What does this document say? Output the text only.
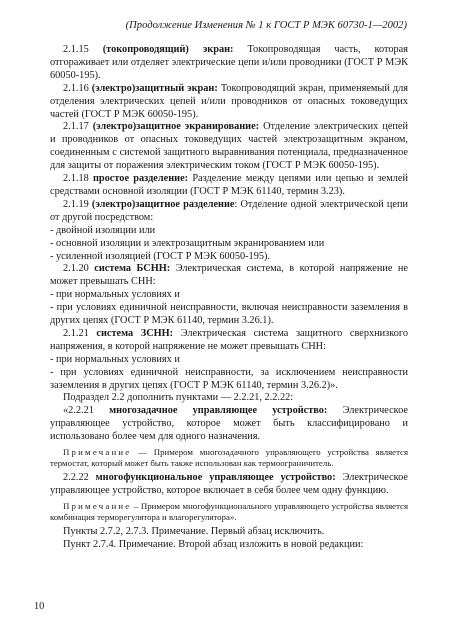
(Продолжение Изменения № 1 к ГОСТ Р МЭК 60730-1—2002)

2.1.15 (токопроводящий) экран: Токопроводящая часть, которая отгораживает или отделяет электрические цепи и/или проводники (ГОСТ Р МЭК 60050-195).

2.1.16 (электро)защитный экран: Токопроводящий экран, применяемый для отделения электрических цепей и/или проводников от опасных токоведущих частей (ГОСТ Р МЭК 60050-195).

2.1.17 (электро)защитное экранирование: Отделение электрических цепей и проводников от опасных токоведущих частей электрозащитным экраном, соединенным с системой защитного выравнивания потенциала, предназначенное для защиты от поражения электрическим током (ГОСТ Р МЭК 60050-195).

2.1.18 простое разделение: Разделение между цепями или цепью и землей средствами основной изоляции (ГОСТ Р МЭК 61140, термин 3.23).

2.1.19 (электро)защитное разделение: Отделение одной электрической цепи от другой посредством:

- двойной изоляции или

- основной изоляции и электрозащитным экранированием или

- усиленной изоляцией (ГОСТ Р МЭК 60050-195).

2.1.20 система БСНН: Электрическая система, в которой напряжение не может превышать СНН:

- при нормальных условиях и

- при условиях единичной неисправности, включая неисправности заземления в других цепях (ГОСТ Р МЭК 61140, термин 3.26.1).

2.1.21 система ЗСНН: Электрическая система защитного сверхнизкого напряжения, в которой напряжение не может превышать СНН:

- при нормальных условиях и

- при условиях единичной неисправности, за исключением неисправности заземления в других цепях (ГОСТ Р МЭК 61140, термин 3.26.2)».

Подраздел 2.2 дополнить пунктами — 2.2.21, 2.2.22:

«2.2.21 многозадачное управляющее устройство: Электрическое управляющее устройство, которое может быть классифицировано и использовано более чем для одного назначения.

Примечание — Примером многозадачного управляющего устройства является термостат, который может быть также использован как термоограничитель.

2.2.22 многофункциональное управляющее устройство: Электрическое управляющее устройство, которое включает в себя более чем одну функцию.

Примечание – Примером многофункционального управляющего устройства является комбинация терморегулятора и влагорегулятора».

Пункты 2.7.2, 2.7.3. Примечание. Первый абзац исключить.

Пункт 2.7.4. Примечание. Второй абзац изложить в новой редакции:

10
